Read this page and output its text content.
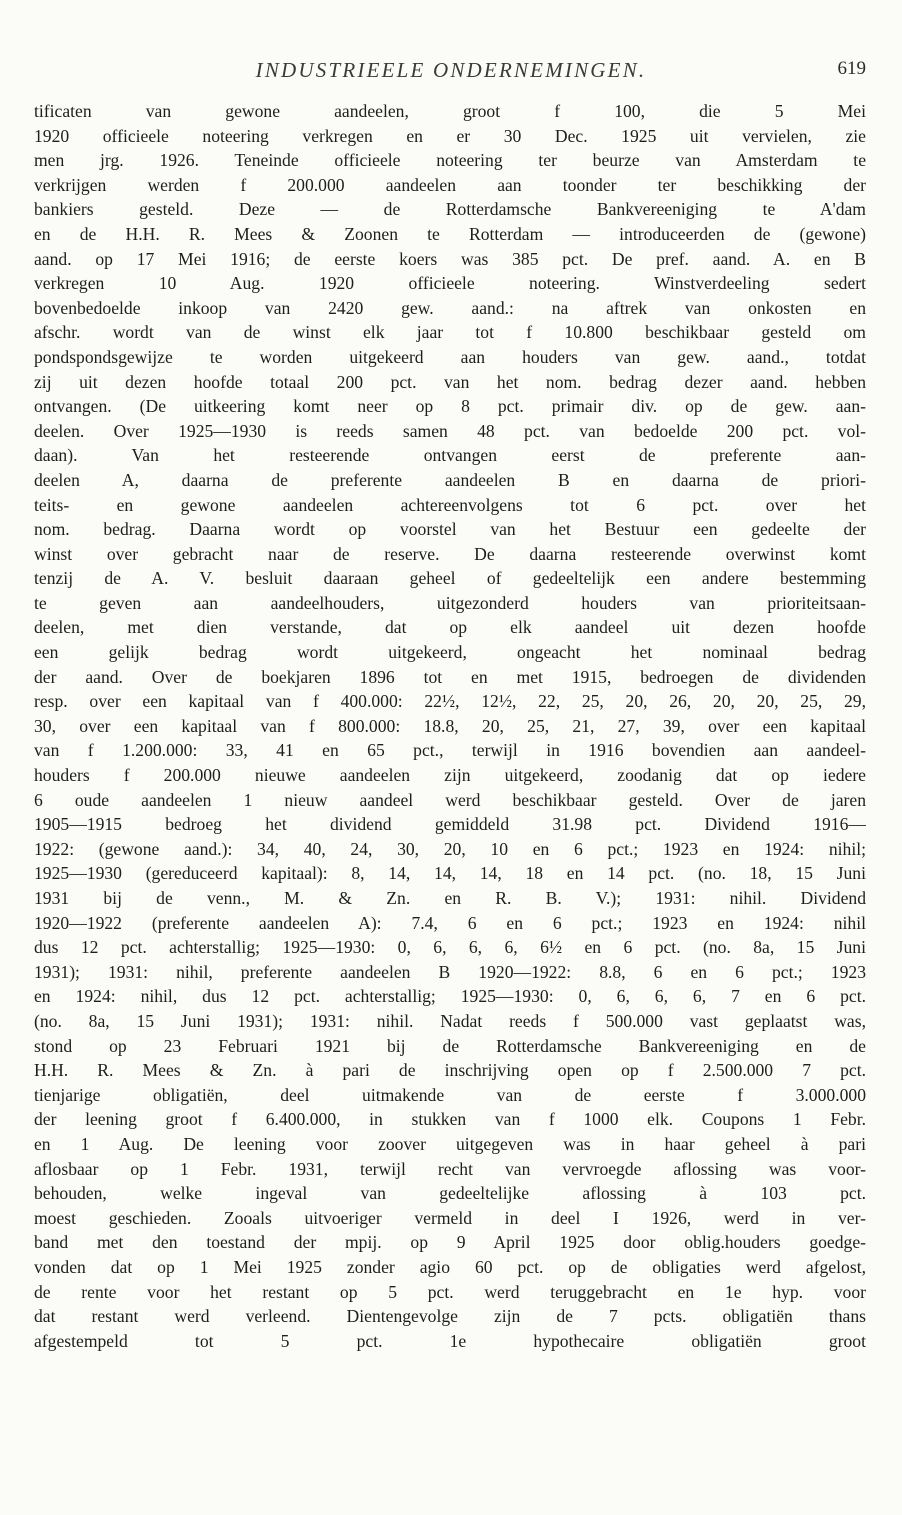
INDUSTRIEELE ONDERNEMINGEN.	619
tificaten van gewone aandeelen, groot f 100, die 5 Mei
1920 officieele noteering verkregen en er 30 Dec. 1925 uit vervielen, zie
men jrg. 1926. Teneinde officieele noteering ter beurze van Amsterdam te
verkrijgen werden f 200.000 aandeelen aan toonder ter beschikking der
bankiers gesteld. Deze — de Rotterdamsche Bankvereeniging te A'dam
en de H.H. R. Mees & Zoonen te Rotterdam — introduceerden de (gewone)
aand. op 17 Mei 1916; de eerste koers was 385 pct. De pref. aand. A. en B
verkregen 10 Aug. 1920 officieele noteering. Winstverdeeling sedert
bovenbedoelde inkoop van 2420 gew. aand.: na aftrek van onkosten en
afschr. wordt van de winst elk jaar tot f 10.800 beschikbaar gesteld om
pondspondsgewijze te worden uitgekeerd aan houders van gew. aand., totdat
zij uit dezen hoofde totaal 200 pct. van het nom. bedrag dezer aand. hebben
ontvangen. (De uitkeering komt neer op 8 pct. primair div. op de gew. aan-
deelen. Over 1925—1930 is reeds samen 48 pct. van bedoelde 200 pct. vol-
daan). Van het resteerende ontvangen eerst de preferente aan-
deelen A, daarna de preferente aandeelen B en daarna de priori-
teits- en gewone aandeelen achtereenvolgens tot 6 pct. over het
nom. bedrag. Daarna wordt op voorstel van het Bestuur een gedeelte der
winst over gebracht naar de reserve. De daarna resteerende overwinst komt
tenzij de A. V. besluit daaraan geheel of gedeeltelijk een andere bestemming
te geven aan aandeelhouders, uitgezonderd houders van prioriteitsaan-
deelen, met dien verstande, dat op elk aandeel uit dezen hoofde
een gelijk bedrag wordt uitgekeerd, ongeacht het nominaal bedrag
der aand. Over de boekjaren 1896 tot en met 1915, bedroegen de dividenden
resp. over een kapitaal van f 400.000: 22½, 12½, 22, 25, 20, 26, 20, 20, 25, 29,
30, over een kapitaal van f 800.000: 18.8, 20, 25, 21, 27, 39, over een kapitaal
van f 1.200.000: 33, 41 en 65 pct., terwijl in 1916 bovendien aan aandeel-
houders f 200.000 nieuwe aandeelen zijn uitgekeerd, zoodanig dat op iedere
6 oude aandeelen 1 nieuw aandeel werd beschikbaar gesteld. Over de jaren
1905—1915 bedroeg het dividend gemiddeld 31.98 pct. Dividend 1916—
1922: (gewone aand.): 34, 40, 24, 30, 20, 10 en 6 pct.; 1923 en 1924: nihil;
1925—1930 (gereduceerd kapitaal): 8, 14, 14, 14, 18 en 14 pct. (no. 18, 15 Juni
1931 bij de venn., M. & Zn. en R. B. V.); 1931: nihil. Dividend
1920—1922 (preferente aandeelen A): 7.4, 6 en 6 pct.; 1923 en 1924: nihil
dus 12 pct. achterstallig; 1925—1930: 0, 6, 6, 6, 6½ en 6 pct. (no. 8a, 15 Juni
1931); 1931: nihil, preferente aandeelen B 1920—1922: 8.8, 6 en 6 pct.; 1923
en 1924: nihil, dus 12 pct. achterstallig; 1925—1930: 0, 6, 6, 6, 7 en 6 pct.
(no. 8a, 15 Juni 1931); 1931: nihil. Nadat reeds f 500.000 vast geplaatst was,
stond op 23 Februari 1921 bij de Rotterdamsche Bankvereeniging en de
H.H. R. Mees & Zn. à pari de inschrijving open op f 2.500.000 7 pct.
tienjarige obligatiën, deel uitmakende van de eerste f 3.000.000
der leening groot f 6.400.000, in stukken van f 1000 elk. Coupons 1 Febr.
en 1 Aug. De leening voor zoover uitgegeven was in haar geheel à pari
aflosbaar op 1 Febr. 1931, terwijl recht van vervroegde aflossing was voor-
behouden, welke ingeval van gedeeltelijke aflossing à 103 pct.
moest geschieden. Zooals uitvoeriger vermeld in deel I 1926, werd in ver-
band met den toestand der mpij. op 9 April 1925 door oblig.houders goedge-
vonden dat op 1 Mei 1925 zonder agio 60 pct. op de obligaties werd afgelost,
de rente voor het restant op 5 pct. werd teruggebracht en 1e hyp. voor
dat restant werd verleend. Dientengevolge zijn de 7 pcts. obligatiën thans
afgestempeld tot 5 pct. 1e hypothecaire obligatiën groot
